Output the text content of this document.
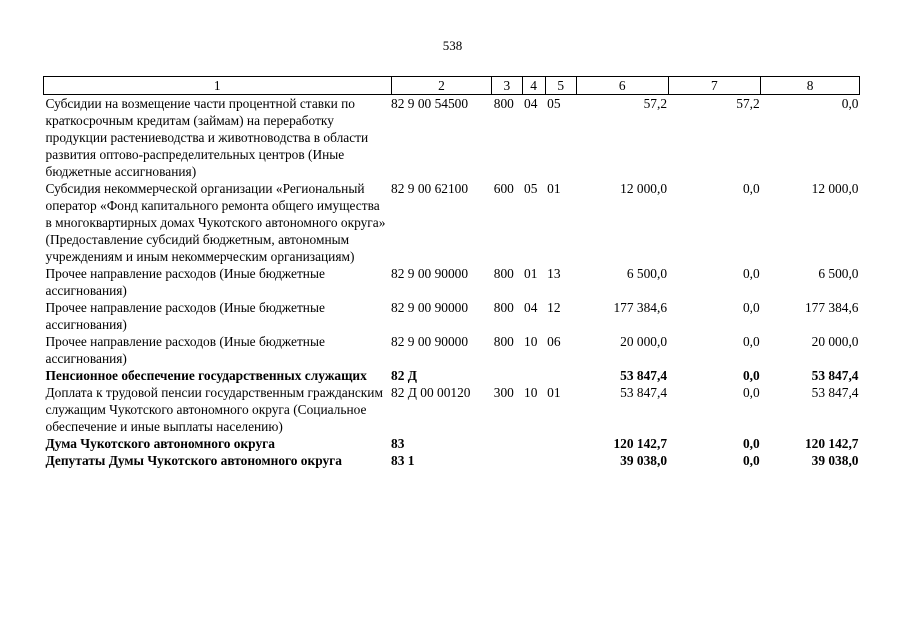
538
1	2	3	4	5	6	7	8
Субсидии на возмещение части процентной ставки по краткосрочным кредитам (займам) на переработку продукции растениеводства и животноводства в области развития оптово-распределительных центров (Иные бюджетные ассигнования)	82 9 00 54500	800	04	05	57,2	57,2	0,0
Субсидия некоммерческой организации «Региональный оператор «Фонд капитального ремонта общего имущества в многоквартирных домах Чукотского автономного округа» (Предоставление субсидий бюджетным, автономным учреждениям и иным некоммерческим организациям)	82 9 00 62100	600	05	01	12 000,0	0,0	12 000,0
Прочее направление расходов (Иные бюджетные ассигнования)	82 9 00 90000	800	01	13	6 500,0	0,0	6 500,0
Прочее направление расходов (Иные бюджетные ассигнования)	82 9 00 90000	800	04	12	177 384,6	0,0	177 384,6
Прочее направление расходов (Иные бюджетные ассигнования)	82 9 00 90000	800	10	06	20 000,0	0,0	20 000,0
Пенсионное обеспечение государственных служащих	82 Д				53 847,4	0,0	53 847,4
Доплата к трудовой пенсии государственным гражданским служащим Чукотского автономного округа (Социальное обеспечение и иные выплаты населению)	82 Д 00 00120	300	10	01	53 847,4	0,0	53 847,4
Дума Чукотского автономного округа	83				120 142,7	0,0	120 142,7
Депутаты Думы Чукотского автономного округа	83 1				39 038,0	0,0	39 038,0
